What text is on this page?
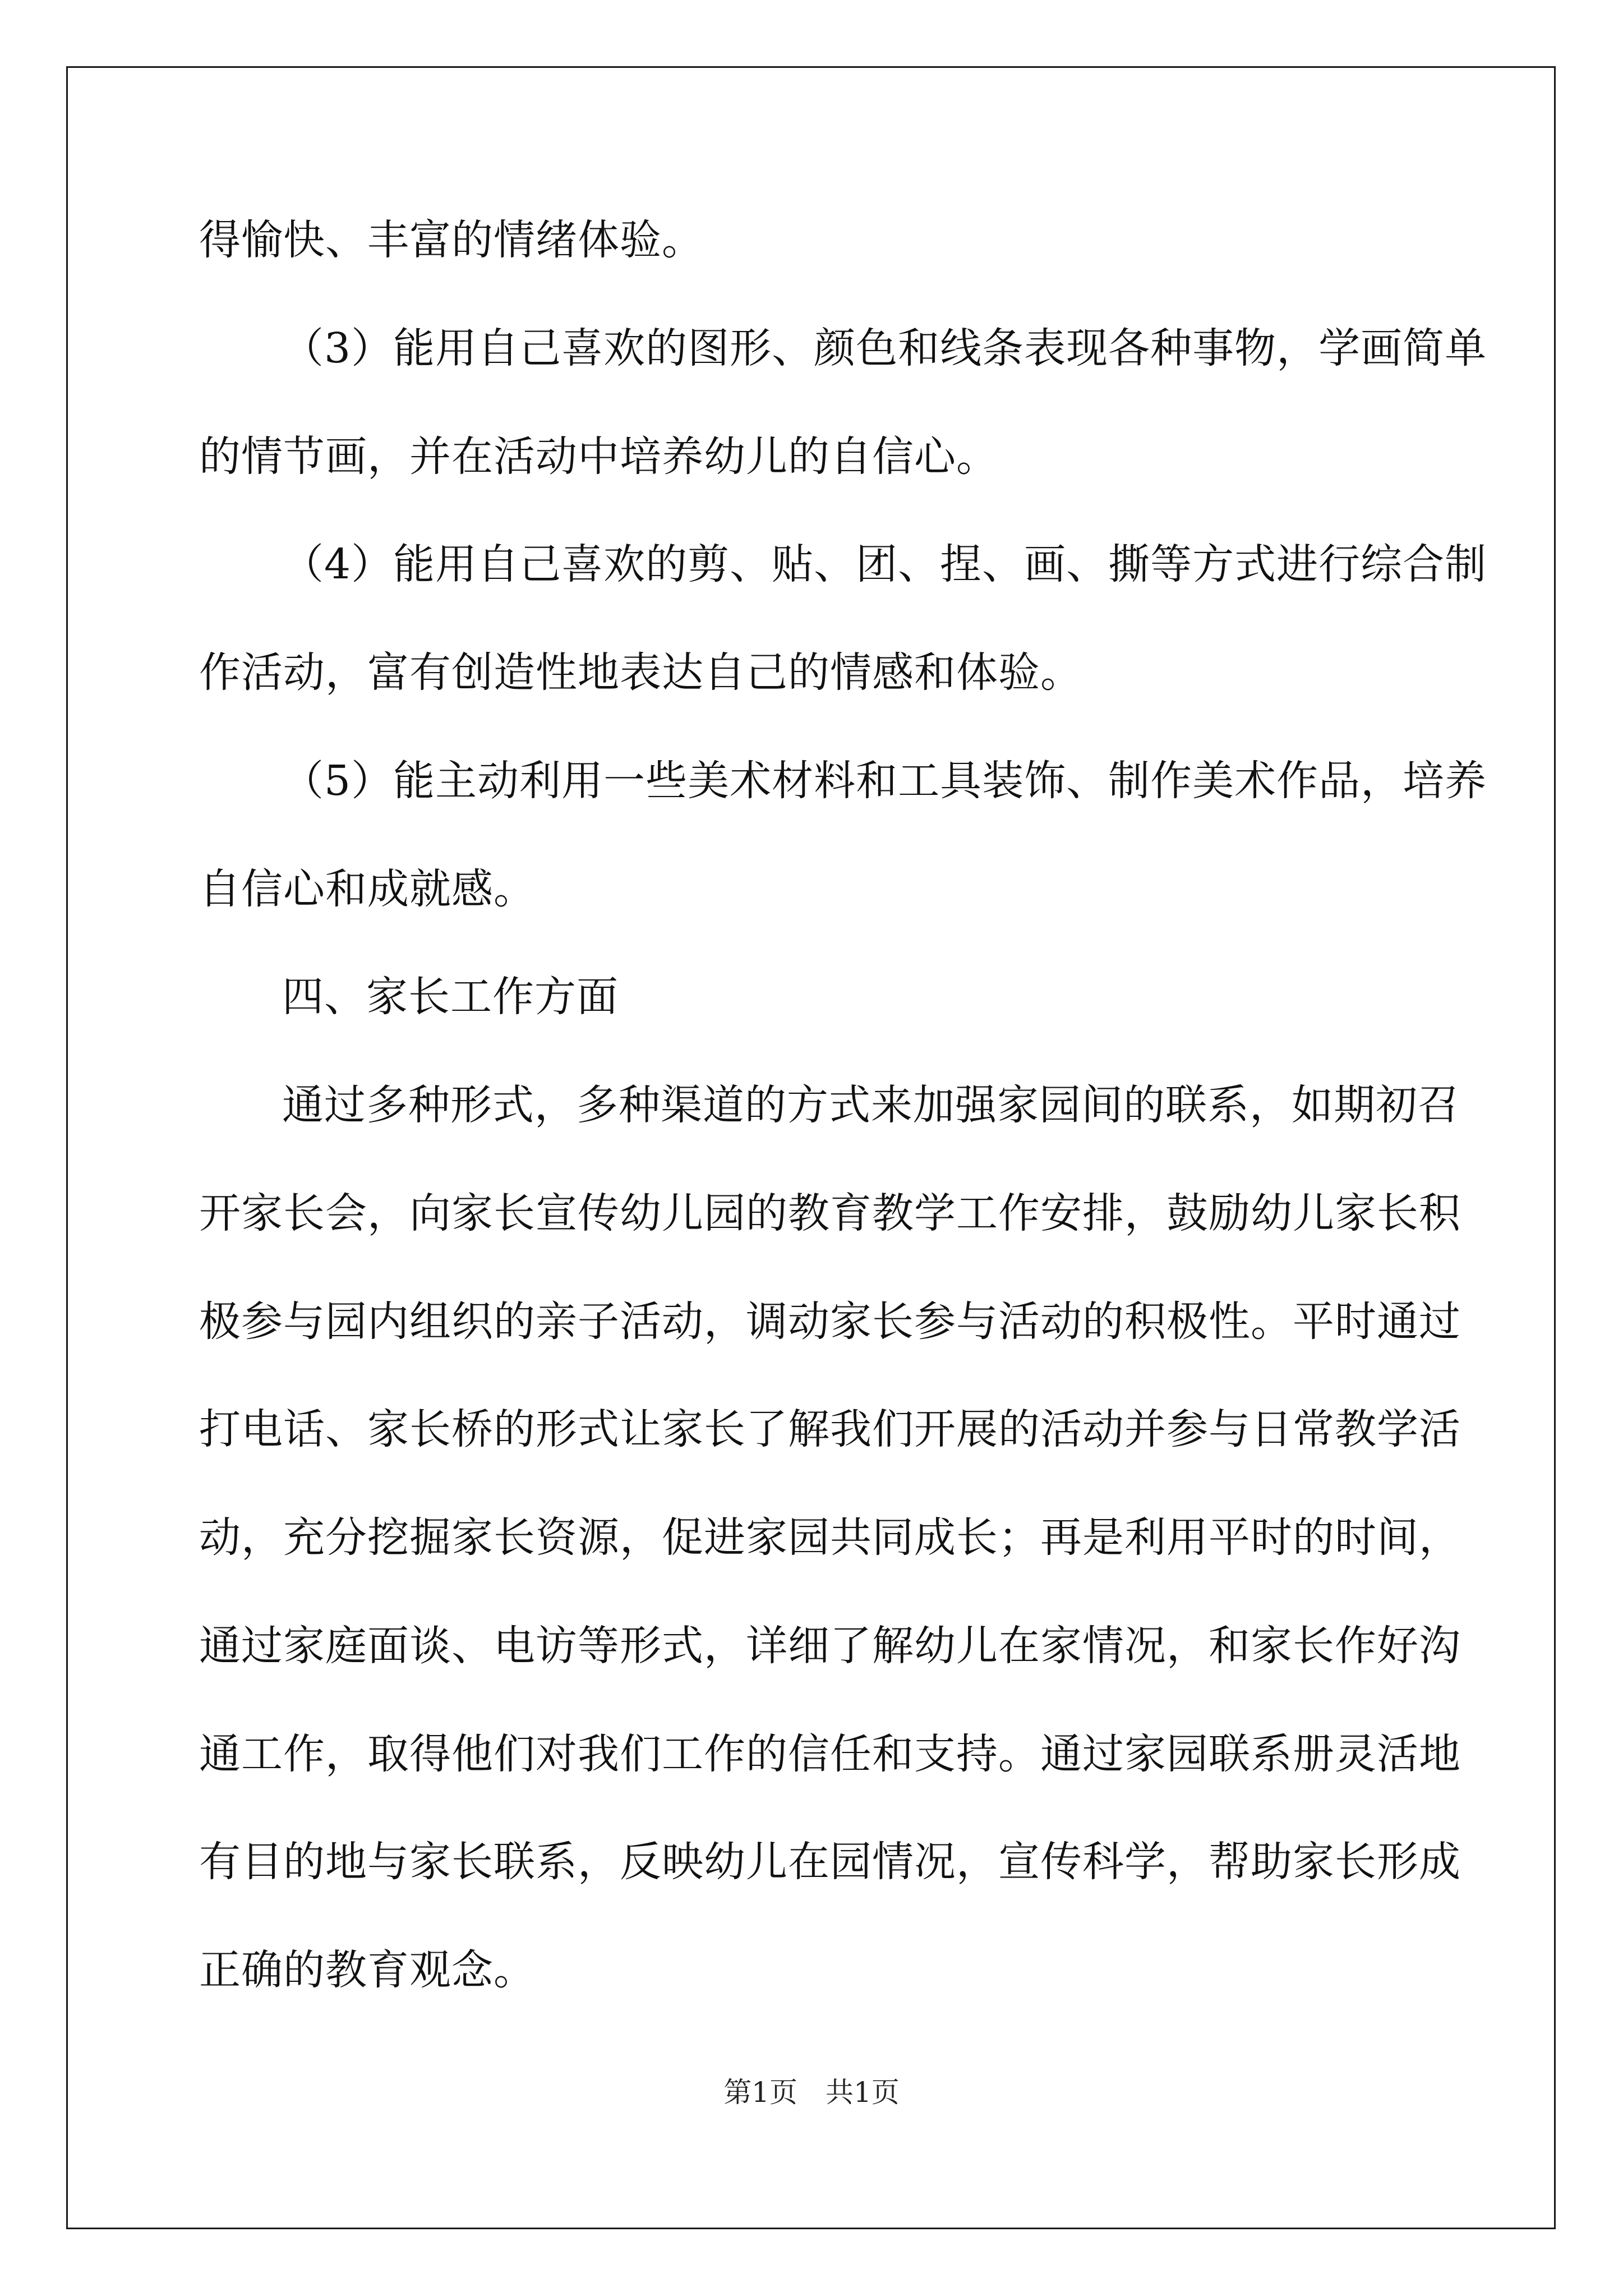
得愉快、丰富的情绪体验。
（3）能用自己喜欢的图形、颜色和线条表现各种事物，学画简单
的情节画，并在活动中培养幼儿的自信心。
（4）能用自己喜欢的剪、贴、团、捏、画、撕等方式进行综合制
作活动，富有创造性地表达自己的情感和体验。
（5）能主动利用一些美术材料和工具装饰、制作美术作品，培养
自信心和成就感。
四、家长工作方面
通过多种形式，多种渠道的方式来加强家园间的联系，如期初召
开家长会，向家长宣传幼儿园的教育教学工作安排，鼓励幼儿家长积
极参与园内组织的亲子活动，调动家长参与活动的积极性。平时通过
打电话、家长桥的形式让家长了解我们开展的活动并参与日常教学活
动，充分挖掘家长资源，促进家园共同成长；再是利用平时的时间，
通过家庭面谈、电访等形式，详细了解幼儿在家情况，和家长作好沟
通工作，取得他们对我们工作的信任和支持。通过家园联系册灵活地
有目的地与家长联系，反映幼儿在园情况，宣传科学，帮助家长形成
正确的教育观念。
第1页 共1页
